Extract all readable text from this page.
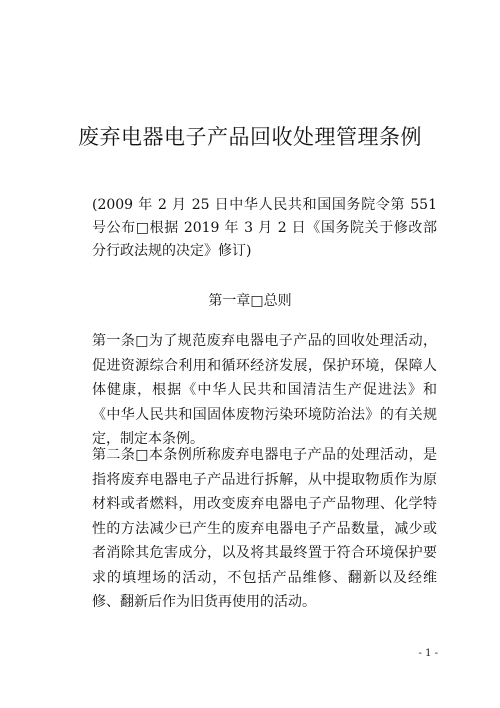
废弃电器电子产品回收处理管理条例

(2009 年 2 月 25 日中华人民共和国国务院令第 551 号公布□根据 2019 年 3 月 2 日《国务院关于修改部分行政法规的决定》修订)

第一章□总则

第一条□为了规范废弃电器电子产品的回收处理活动，促进资源综合利用和循环经济发展，保护环境，保障人体健康，根据《中华人民共和国清洁生产促进法》和《中华人民共和国固体废物污染环境防治法》的有关规定，制定本条例。

第二条□本条例所称废弃电器电子产品的处理活动，是指将废弃电器电子产品进行拆解，从中提取物质作为原材料或者燃料，用改变废弃电器电子产品物理、化学特性的方法减少已产生的废弃电器电子产品数量，减少或者消除其危害成分，以及将其最终置于符合环境保护要求的填埋场的活动，不包括产品维修、翻新以及经维修、翻新后作为旧货再使用的活动。

- 1 -
